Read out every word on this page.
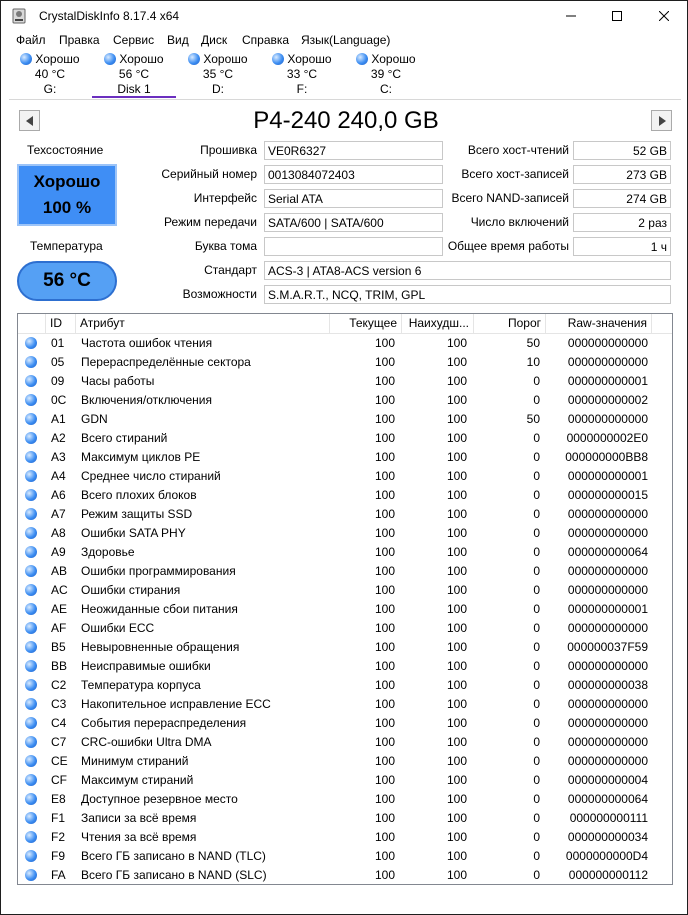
CrystalDiskInfo 8.17.4 x64
Файл Правка Сервис Вид Диск Справка Язык(Language)
Хорошо
40 °C
G:
Хорошо
56 °C
Disk 1
Хорошо
35 °C
D:
Хорошо
33 °C
F:
Хорошо
39 °C
C:
P4-240 240,0 GB
Техсостояние
Хорошо
100 %
Температура
56 °C
Прошивка VE0R6327
Серийный номер 0013084072403
Интерфейс Serial ATA
Режим передачи SATA/600 | SATA/600
Буква тома
Стандарт ACS-3 | ATA8-ACS version 6
Возможности S.M.A.R.T., NCQ, TRIM, GPL
Всего хост-чтений	52 GB
Всего хост-записей	273 GB
Всего NAND-записей	274 GB
Число включений	2 раз
Общее время работы	1 ч
ID	Атрибут	Текущее Наихудш...	Порог	Raw-значения
01	Частота ошибок чтения	100	100	50	000000000000
05	Перераспределённые сектора	100	100	10	000000000000
09	Часы работы	100	100	0	000000000001
0C	Включения/отключения	100	100	0	000000000002
A1	GDN	100	100	50	000000000000
A2	Всего стираний	100	100	0	0000000002E0
A3	Максимум циклов PE	100	100	0	000000000BB8
A4	Среднее число стираний	100	100	0	000000000001
A6	Всего плохих блоков	100	100	0	000000000015
A7	Режим защиты SSD	100	100	0	000000000000
A8	Ошибки SATA PHY	100	100	0	000000000000
A9	Здоровье	100	100	0	000000000064
AB	Ошибки программирования	100	100	0	000000000000
AC	Ошибки стирания	100	100	0	000000000000
AE	Неожиданные сбои питания	100	100	0	000000000001
AF	Ошибки ECC	100	100	0	000000000000
B5	Невыровненные обращения	100	100	0	000000037F59
BB	Неисправимые ошибки	100	100	0	000000000000
C2	Температура корпуса	100	100	0	000000000038
C3	Накопительное исправление ECC	100	100	0	000000000000
C4	События перераспределения	100	100	0	000000000000
C7	CRC-ошибки Ultra DMA	100	100	0	000000000000
CE	Минимум стираний	100	100	0	000000000000
CF	Максимум стираний	100	100	0	000000000004
E8	Доступное резервное место	100	100	0	000000000064
F1	Записи за всё время	100	100	0	000000000111
F2	Чтения за всё время	100	100	0	000000000034
F9	Всего ГБ записано в NAND (TLC)	100	100	0	0000000000D4
FA	Всего ГБ записано в NAND (SLC)	100	100	0	000000000112
